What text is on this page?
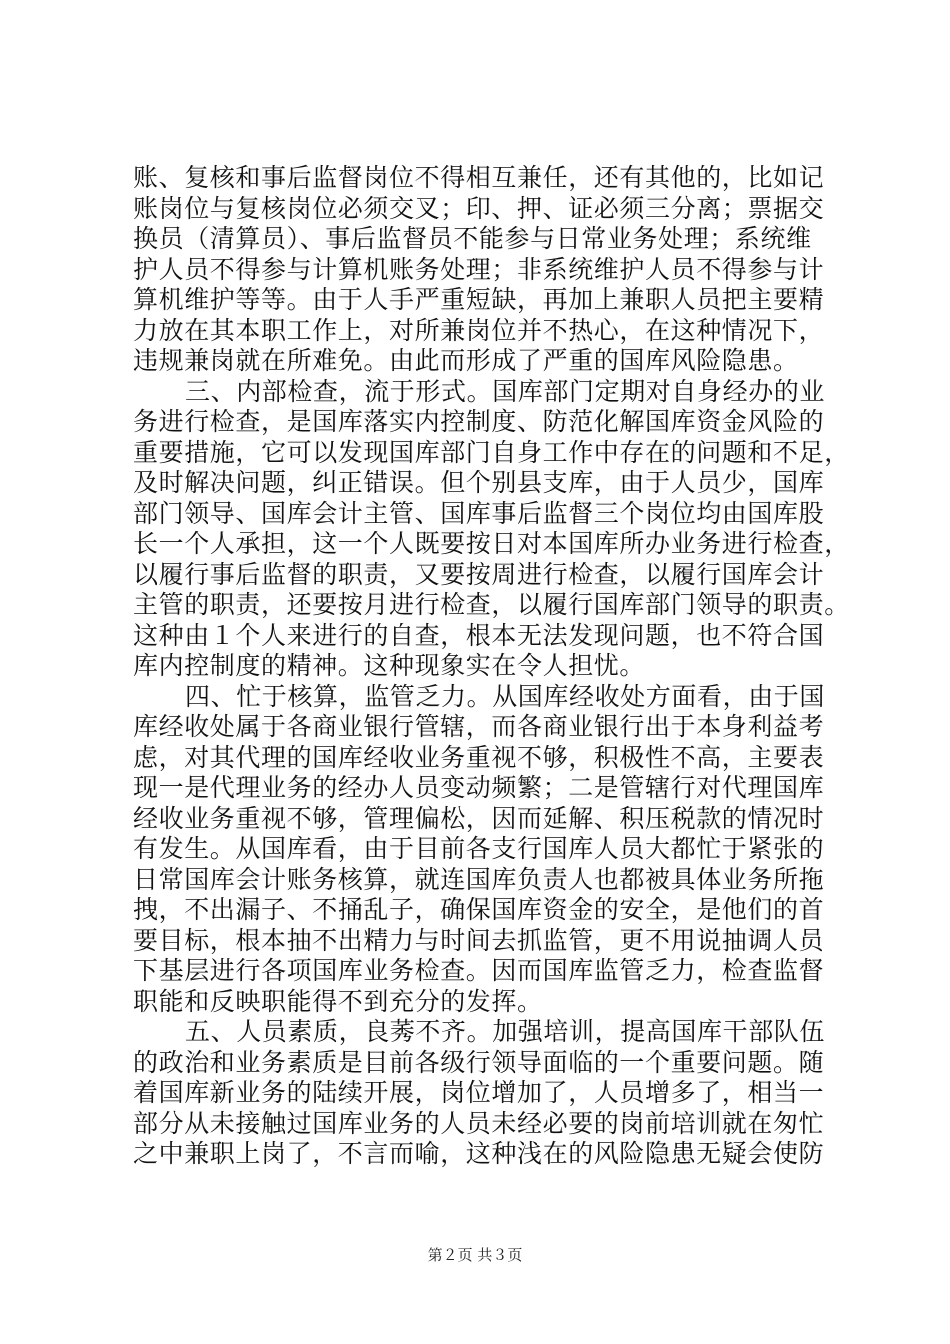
账、复核和事后监督岗位不得相互兼任，还有其他的，比如记
账岗位与复核岗位必须交叉；印、押、证必须三分离；票据交
换员（清算员）、事后监督员不能参与日常业务处理；系统维
护人员不得参与计算机账务处理；非系统维护人员不得参与计
算机维护等等。由于人手严重短缺，再加上兼职人员把主要精
力放在其本职工作上，对所兼岗位并不热心，在这种情况下，
违规兼岗就在所难免。由此而形成了严重的国库风险隐患。
三、内部检查，流于形式。国库部门定期对自身经办的业
务进行检查，是国库落实内控制度、防范化解国库资金风险的
重要措施，它可以发现国库部门自身工作中存在的问题和不足，
及时解决问题，纠正错误。但个别县支库，由于人员少，国库
部门领导、国库会计主管、国库事后监督三个岗位均由国库股
长一个人承担，这一个人既要按日对本国库所办业务进行检查，
以履行事后监督的职责，又要按周进行检查，以履行国库会计
主管的职责，还要按月进行检查，以履行国库部门领导的职责。
这种由１个人来进行的自查，根本无法发现问题，也不符合国
库内控制度的精神。这种现象实在令人担忧。
四、忙于核算，监管乏力。从国库经收处方面看，由于国
库经收处属于各商业银行管辖，而各商业银行出于本身利益考
虑，对其代理的国库经收业务重视不够，积极性不高，主要表
现一是代理业务的经办人员变动频繁；二是管辖行对代理国库
经收业务重视不够，管理偏松，因而延解、积压税款的情况时
有发生。从国库看，由于目前各支行国库人员大都忙于紧张的
日常国库会计账务核算，就连国库负责人也都被具体业务所拖
拽，不出漏子、不捅乱子，确保国库资金的安全，是他们的首
要目标，根本抽不出精力与时间去抓监管，更不用说抽调人员
下基层进行各项国库业务检查。因而国库监管乏力，检查监督
职能和反映职能得不到充分的发挥。
五、人员素质，良莠不齐。加强培训，提高国库干部队伍
的政治和业务素质是目前各级行领导面临的一个重要问题。随
着国库新业务的陆续开展，岗位增加了，人员增多了，相当一
部分从未接触过国库业务的人员未经必要的岗前培训就在匆忙
之中兼职上岗了，不言而喻，这种浅在的风险隐患无疑会使防
第２页 共３页
